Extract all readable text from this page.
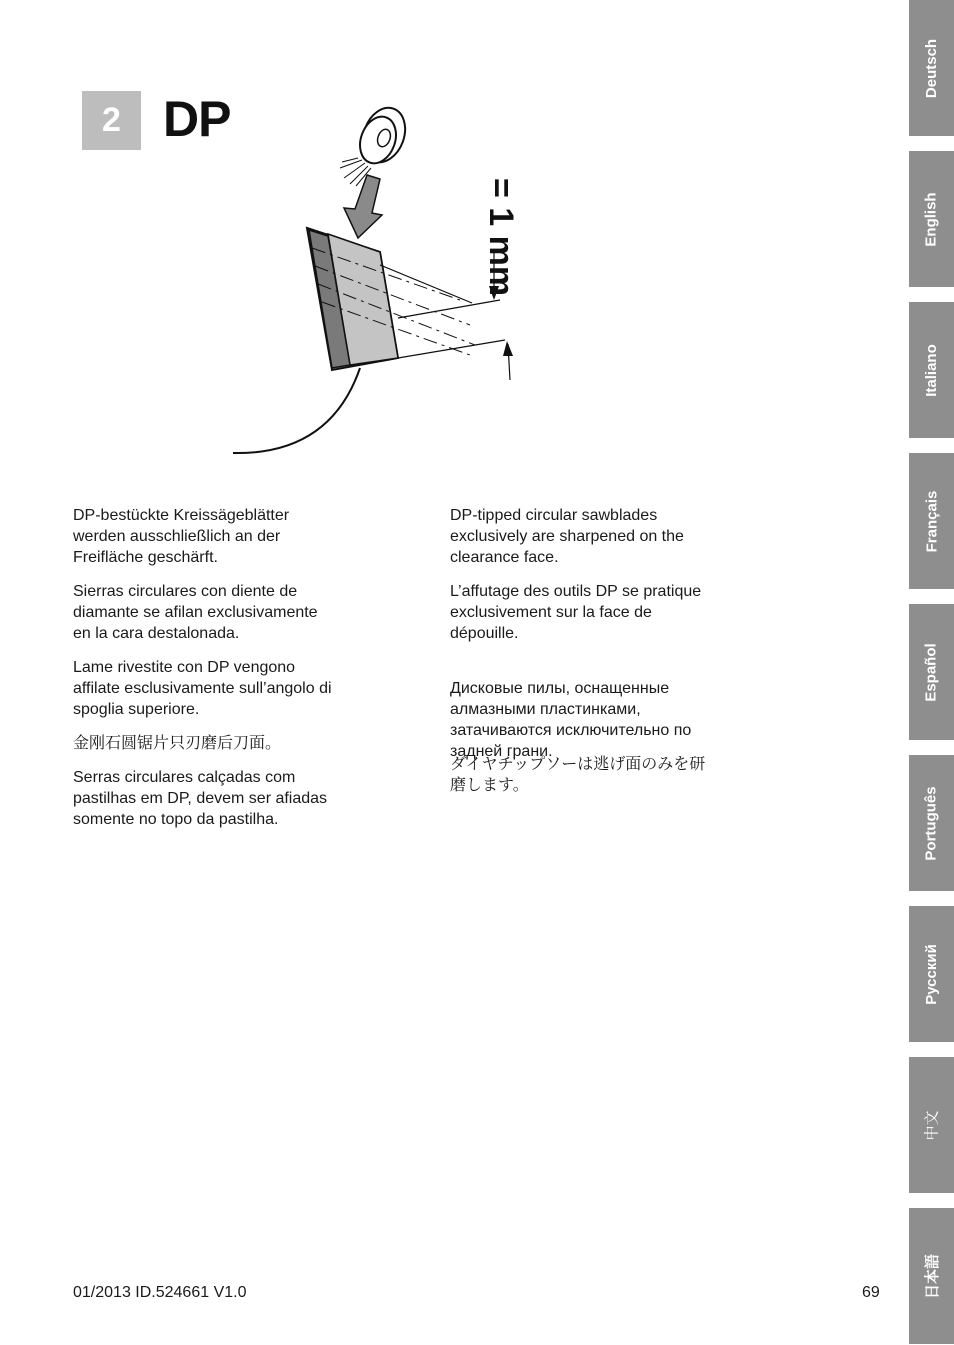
2 DP
= 1 mm

DP-bestückte Kreissägeblätter werden ausschließlich an der Freifläche geschärft.

Sierras circulares con diente de diamante se afilan exclusivamente en la cara destalonada.

Lame rivestite con DP vengono affilate esclusivamente sull’angolo di spoglia superiore.

金刚石圆锯片只刃磨后刀面。

Serras circulares calçadas com pastilhas em DP, devem ser afiadas somente no topo da pastilha.

DP-tipped circular sawblades exclusively are sharpened on the clearance face.

L’affutage des outils DP se pratique exclusivement sur la face de dépouille.

Дисковые пилы, оснащенные алмазными пластинками, затачиваются исключительно по задней грани.

ダイヤチップソーは逃げ面のみを研磨します。

Deutsch
English
Italiano
Français
Español
Português
Русский
中文
日本語
01/2013 ID.524661 V1.0	69
